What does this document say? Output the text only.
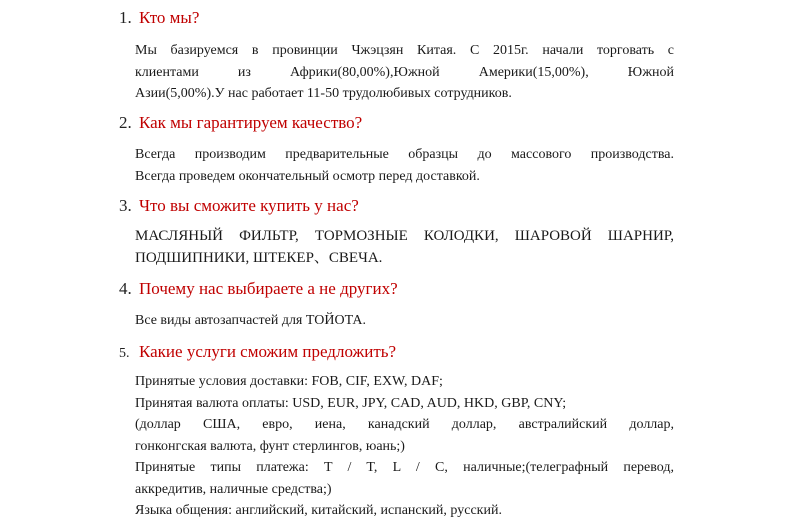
1. Кто мы?
Мы базируемся в провинции Чжэцзян Китая. С 2015г. начали торговать с
клиентами из Африки(80,00%),Южной Америки(15,00%), Южной
Азии(5,00%).У нас работает 11-50 трудолюбивых сотрудников.
2. Как мы гарантируем качество?
Всегда производим предварительные образцы до массового производства.
Всегда проведем окончательный осмотр перед доставкой.
3. Что вы сможите купить у нас?
МАСЛЯНЫЙ ФИЛЬТР, ТОРМОЗНЫЕ КОЛОДКИ, ШАРОВОЙ ШАРНИР,
ПОДШИПНИКИ, ШТЕКЕР、СВЕЧА.
4. Почему нас выбираете а не других?
Все виды автозапчастей для ТОЙОТА.
5. Какие услуги сможим предложить?
Принятые условия доставки: FOB, CIF, EXW, DAF;
Принятая валюта оплаты: USD, EUR, JPY, CAD, AUD, HKD, GBP, CNY;
(доллар США, евро, иена, канадский доллар, австралийский доллар,
гонконгская валюта, фунт стерлингов, юань;)
Принятые типы платежа: T / T, L / C, наличные;(телеграфный перевод,
аккредитив, наличные средства;)
Языка общения: английский, китайский, испанский, русский.
